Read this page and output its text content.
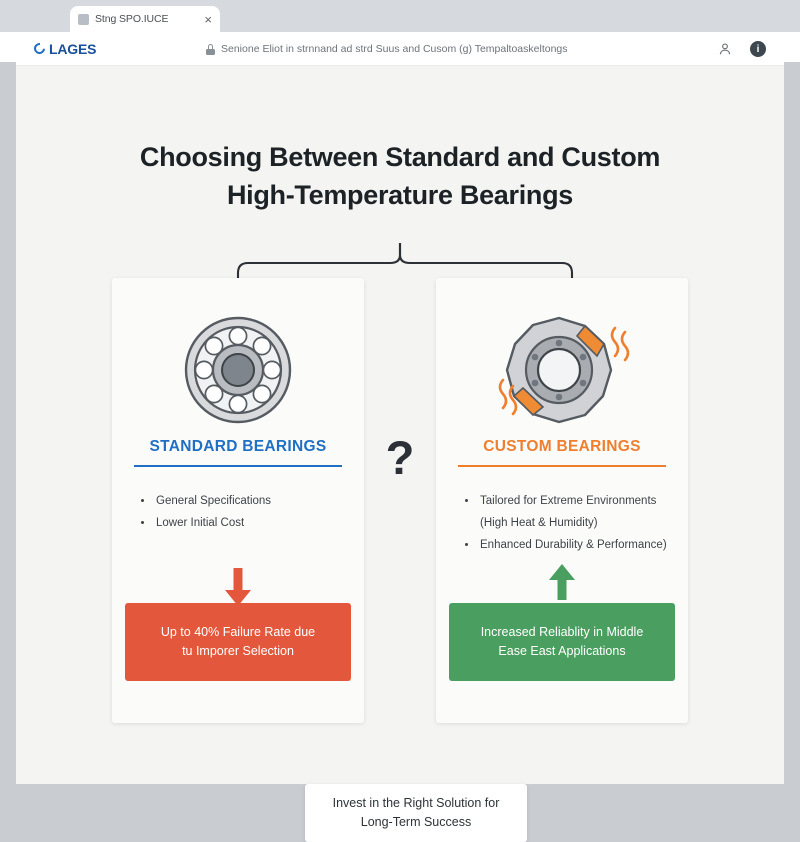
Stng SPO.IUCE	×
LAGES	Senione Eliot in strnnand ad strd Suus and Cusom (g) Tempaltoaskeltongs	i
Choosing Between Standard and Custom
High-Temperature Bearings
STANDARD BEARINGS
• General Specifications
• Lower Initial Cost
Up to 40% Failure Rate due
tu Imporer Selection
?	CUSTOM BEARINGS
• Tailored for Extreme Environments (High Heat & Humidity)
• Enhanced Durability & Performance)
Increased Reliablity in Middle
Ease East Applications
Invest in the Right Solution for
Long-Term Success
